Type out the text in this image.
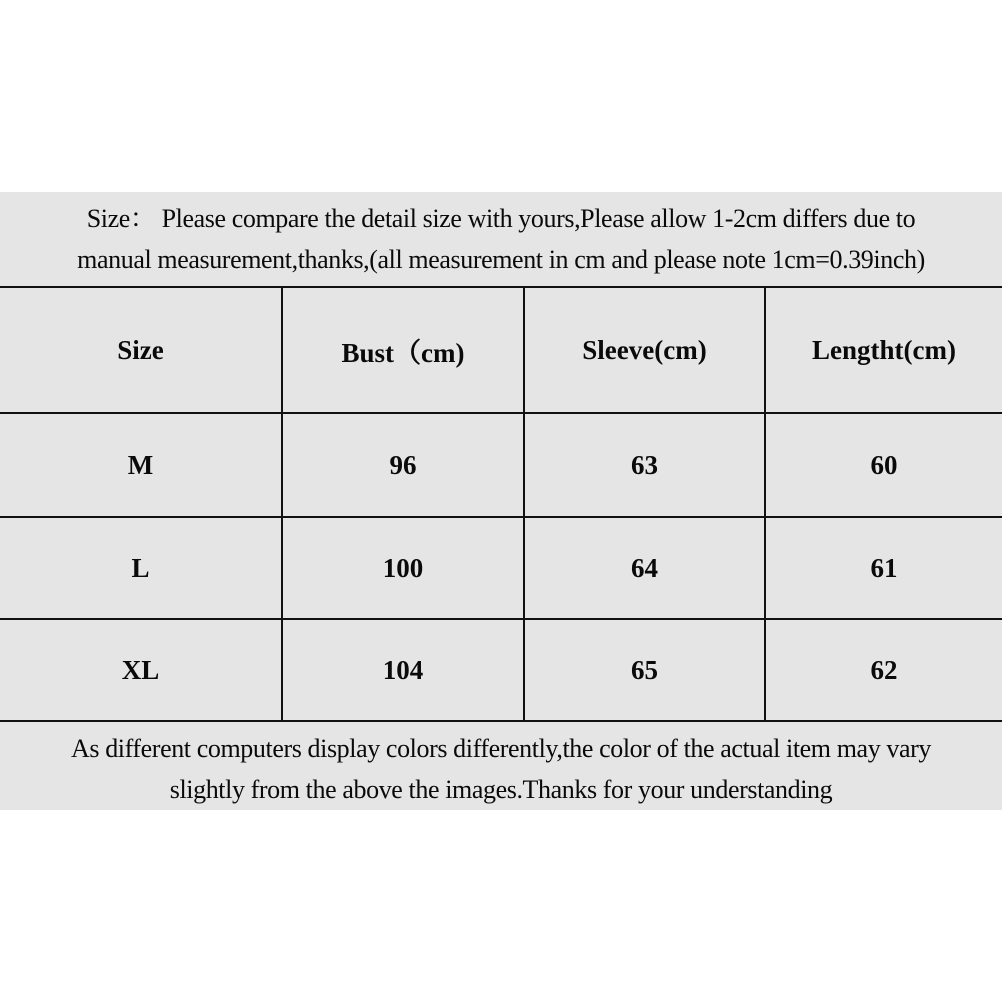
Size： Please compare the detail size with yours,Please allow 1-2cm differs due to
manual measurement,thanks,(all measurement in cm and please note 1cm=0.39inch)
Size	Bust（cm)	Sleeve(cm)	Lengtht(cm)
M	96	63	60
L	100	64	61
XL	104	65	62
As different computers display colors differently,the color of the actual item may vary
slightly from the above the images.Thanks for your understanding
